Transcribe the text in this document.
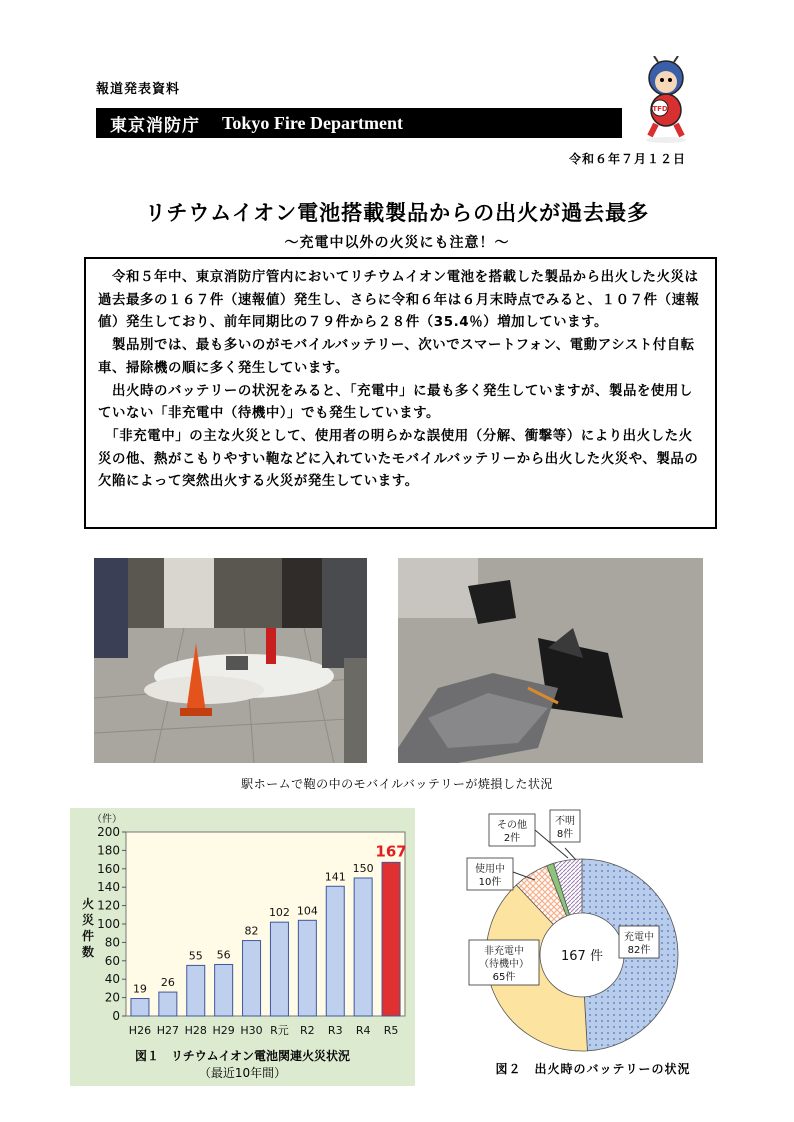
報道発表資料
東京消防庁 Tokyo Fire Department
TFD
令和６年７月１２日
リチウムイオン電池搭載製品からの出火が過去最多
～充電中以外の火災にも注意！～

　令和５年中、東京消防庁管内においてリチウムイオン電池を搭載した製品から出火した火災は過去最多の１６７件（速報値）発生し、さらに令和６年は６月末時点でみると、１０７件（速報値）発生しており、前年同期比の７９件から２８件（35.4％）増加しています。

　製品別では、最も多いのがモバイルバッテリー、次いでスマートフォン、電動アシスト付自転車、掃除機の順に多く発生しています。

　出火時のバッテリーの状況をみると、「充電中」に最も多く発生していますが、製品を使用していない「非充電中（待機中）」でも発生しています。

　「非充電中」の主な火災として、使用者の明らかな誤使用（分解、衝撃等）により出火した火災の他、熱がこもりやすい鞄などに入れていたモバイルバッテリーから出火した火災や、製品の欠陥によって突然出火する火災が発生しています。

駅ホームで鞄の中のモバイルバッテリーが焼損した状況
0
20
40
60
80
100
120
140
160
180
200
（件）
火災件数
19
H26
26
H27
55
H28
56
H29
82
H30
102
R元
104
R2
141
R3
150
R4
167
R5
図１　リチウムイオン電池関連火災状況
（最近10年間）
167 件
充電中
82件
非充電中
（待機中）
65件
使用中
10件
その他
2件
不明
8件
図２　出火時のバッテリーの状況
